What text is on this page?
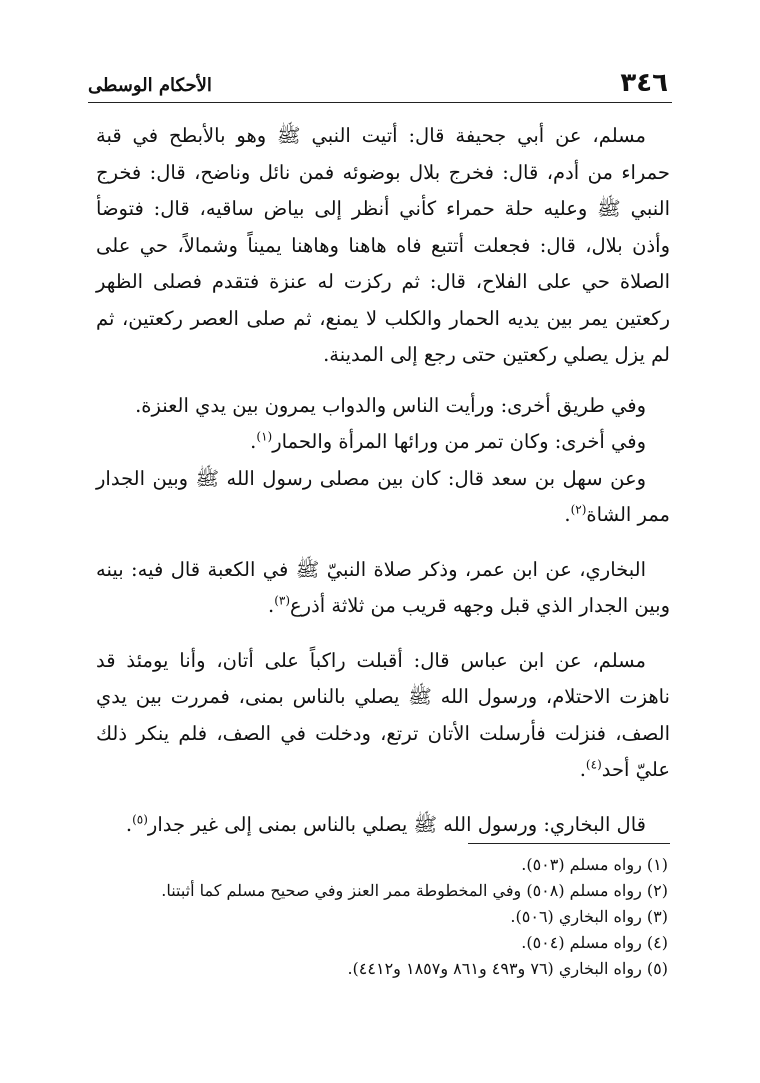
٣٤٦
الأحكام الوسطى

مسلم، عن أبي جحيفة قال: أتيت النبي ﷺ وهو بالأبطح في قبة حمراء من أدم، قال: فخرج بلال بوضوئه فمن نائل وناضح، قال: فخرج النبي ﷺ وعليه حلة حمراء كأني أنظر إلى بياض ساقيه، قال: فتوضأ وأذن بلال، قال: فجعلت أتتبع فاه هاهنا وهاهنا يميناً وشمالاً، حي على الصلاة حي على الفلاح، قال: ثم ركزت له عنزة فتقدم فصلى الظهر ركعتين يمر بين يديه الحمار والكلب لا يمنع، ثم صلى العصر ركعتين، ثم لم يزل يصلي ركعتين حتى رجع إلى المدينة.

وفي طريق أخرى: ورأيت الناس والدواب يمرون بين يدي العنزة.

وفي أخرى: وكان تمر من ورائها المرأة والحمار$^{(١)}$.

وعن سهل بن سعد قال: كان بين مصلى رسول الله ﷺ وبين الجدار ممر الشاة$^{(٢)}$.

البخاري، عن ابن عمر، وذكر صلاة النبيّ ﷺ في الكعبة قال فيه: بينه وبين الجدار الذي قبل وجهه قريب من ثلاثة أذرع$^{(٣)}$.

مسلم، عن ابن عباس قال: أقبلت راكباً على أتان، وأنا يومئذ قد ناهزت الاحتلام، ورسول الله ﷺ يصلي بالناس بمنى، فمررت بين يدي الصف، فنزلت فأرسلت الأتان ترتع، ودخلت في الصف، فلم ينكر ذلك عليّ أحد$^{(٤)}$.

قال البخاري: ورسول الله ﷺ يصلي بالناس بمنى إلى غير جدار$^{(٥)}$.

(١) رواه مسلم (٥٠٣).

(٢) رواه مسلم (٥٠٨) وفي المخطوطة ممر العنز وفي صحيح مسلم كما أثبتنا.

(٣) رواه البخاري (٥٠٦).

(٤) رواه مسلم (٥٠٤).

(٥) رواه البخاري (٧٦ و٤٩٣ و٨٦١ و١٨٥٧ و٤٤١٢).
